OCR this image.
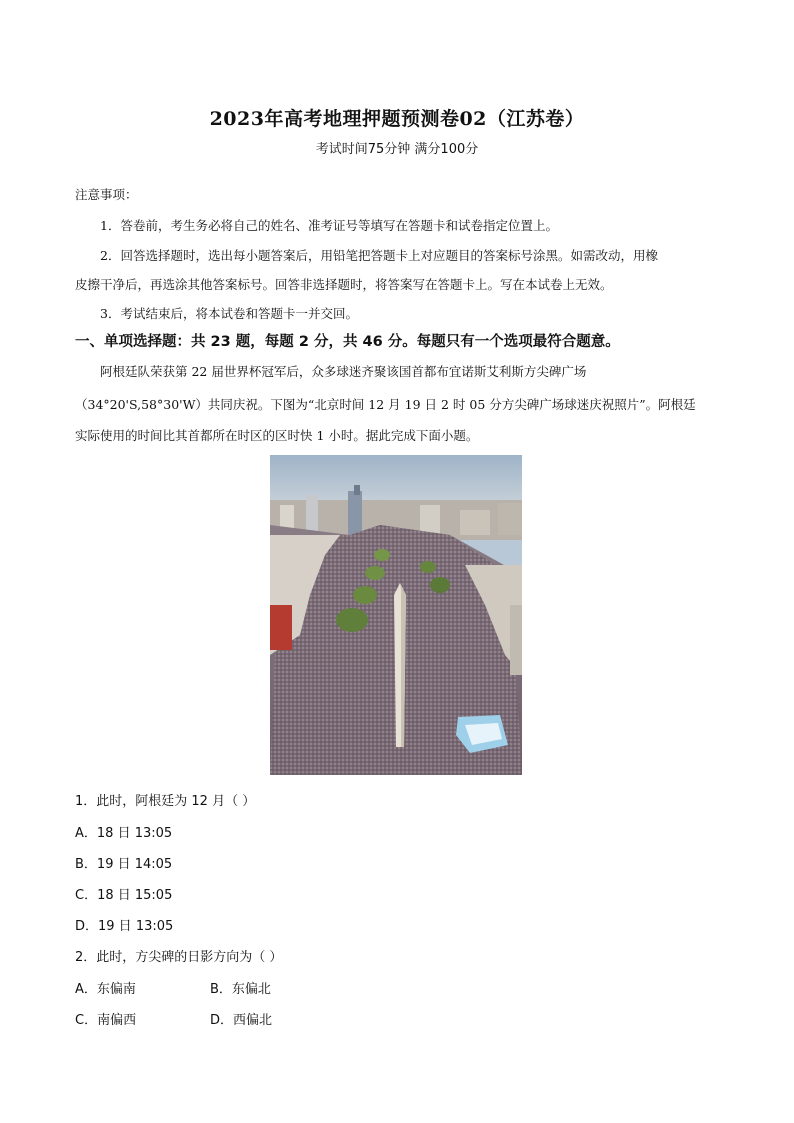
2023年高考地理押题预测卷02（江苏卷）
考试时间75分钟 满分100分
注意事项：
1．答卷前，考生务必将自己的姓名、准考证号等填写在答题卡和试卷指定位置上。
2．回答选择题时，选出每小题答案后，用铅笔把答题卡上对应题目的答案标号涂黑。如需改动，用橡
皮擦干净后，再选涂其他答案标号。回答非选择题时，将答案写在答题卡上。写在本试卷上无效。
3．考试结束后，将本试卷和答题卡一并交回。
一、单项选择题：共 23 题，每题 2 分，共 46 分。每题只有一个选项最符合题意。
阿根廷队荣获第 22 届世界杯冠军后，众多球迷齐聚该国首都布宜诺斯艾利斯方尖碑广场
（34°20'S,58°30'W）共同庆祝。下图为“北京时间 12 月 19 日 2 时 05 分方尖碑广场球迷庆祝照片”。阿根廷
实际使用的时间比其首都所在时区的区时快 1 小时。据此完成下面小题。
1．此时，阿根廷为 12 月（ ）
A．18 日 13:05
B．19 日 14:05
C．18 日 15:05
D．19 日 13:05
2．此时，方尖碑的日影方向为（ ）
A．东偏南	B．东偏北
C．南偏西	D．西偏北
